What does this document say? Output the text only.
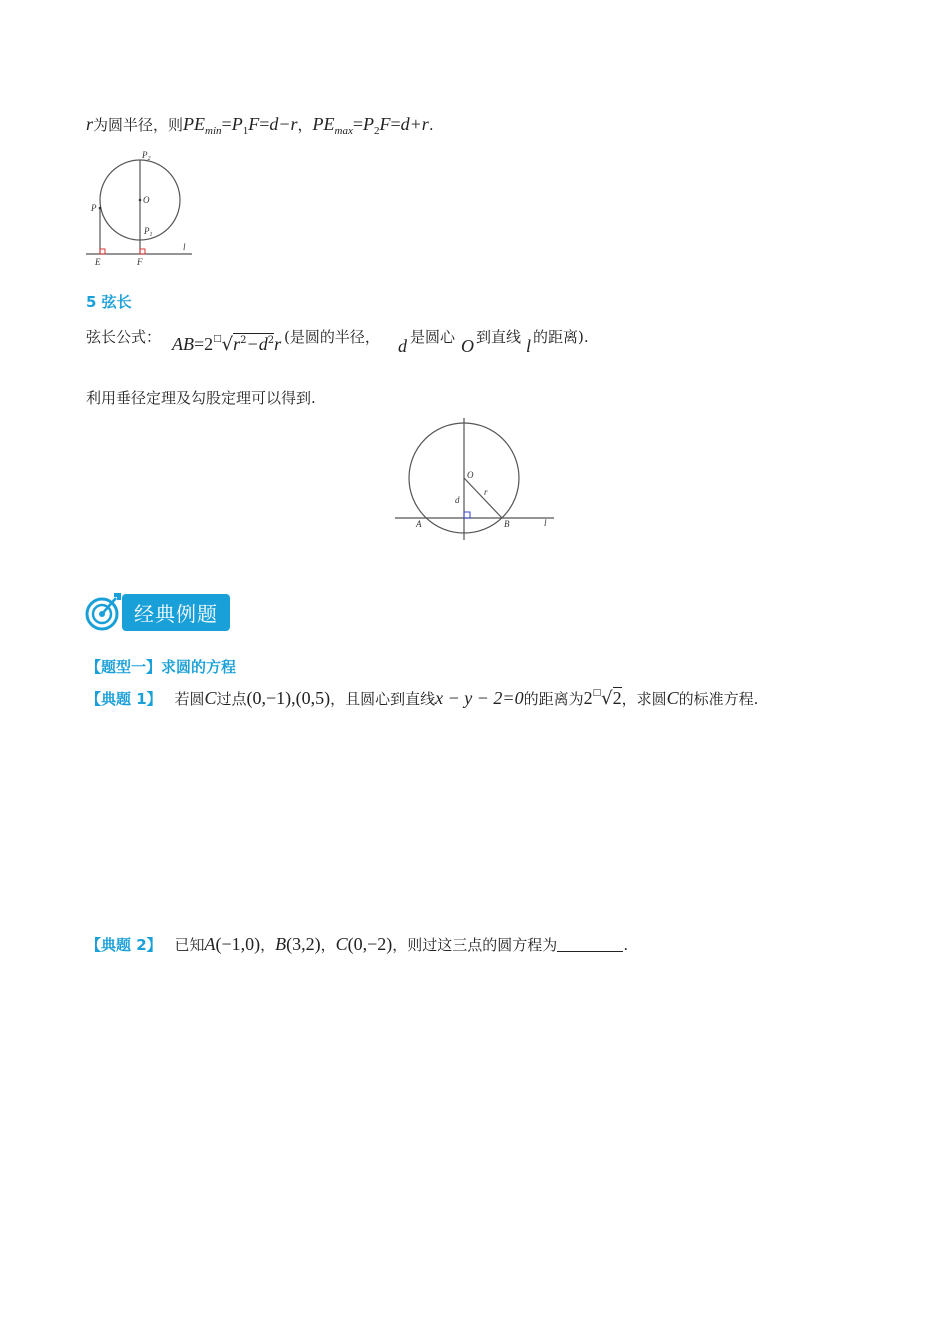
r为圆半径，则$PE_{min}=P_1F=d-r$，$PE_{max}=P_2F=d+r$.
$P_2$
O
P
$P_1$
l
E	F
5 弦长
弦长公式： $AB=2^□√r^2-d^2r$ (是圆的半径， d 是圆心 O 到直线 l 的距离).
利用垂径定理及勾股定理可以得到.
O
d
r
A	B	l
经典例题
【题型一】求圆的方程
【典题 1】 若圆C过点(0,−1),(0,5)，且圆心到直线x − y − 2=0的距离为2□√2，求圆C的标准方程.
【典题 2】 已知A(−1,0)，B(3,2)，C(0,−2)，则过这三点的圆方程为	.
